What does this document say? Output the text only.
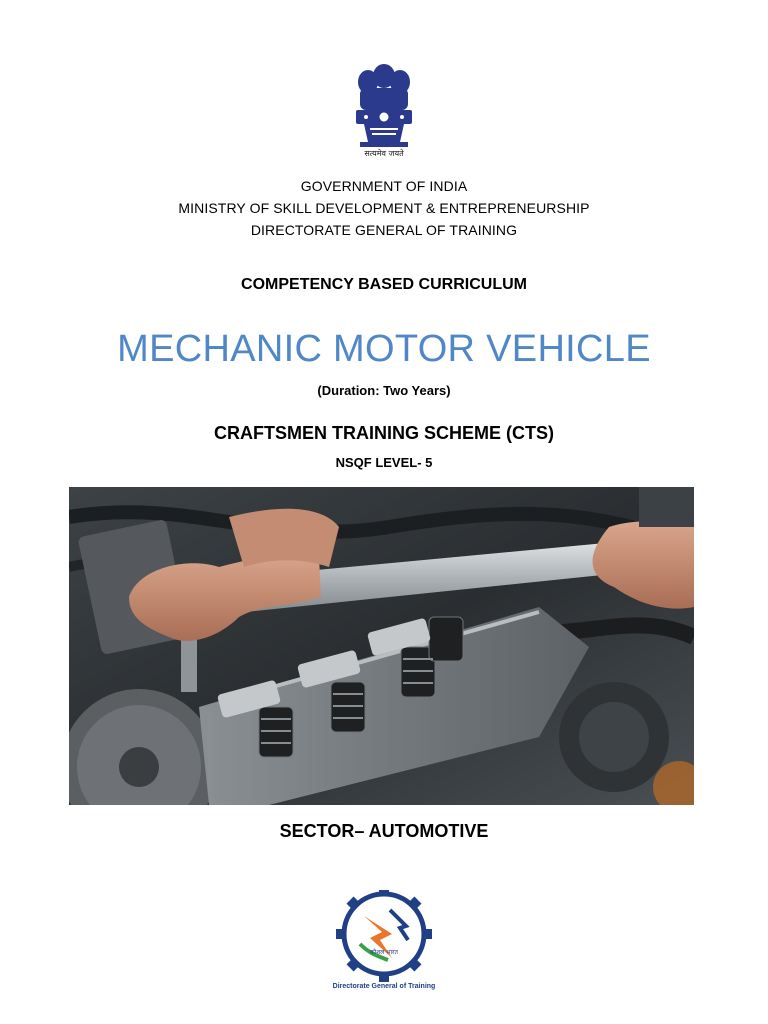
सत्यमेव जयते
GOVERNMENT OF INDIA
MINISTRY OF SKILL DEVELOPMENT & ENTREPRENEURSHIP
DIRECTORATE GENERAL OF TRAINING
COMPETENCY BASED CURRICULUM
MECHANIC MOTOR VEHICLE
(Duration: Two Years)
CRAFTSMEN TRAINING SCHEME (CTS)
NSQF LEVEL- 5
SECTOR– AUTOMOTIVE
कौशल भारत
Directorate General of Training
